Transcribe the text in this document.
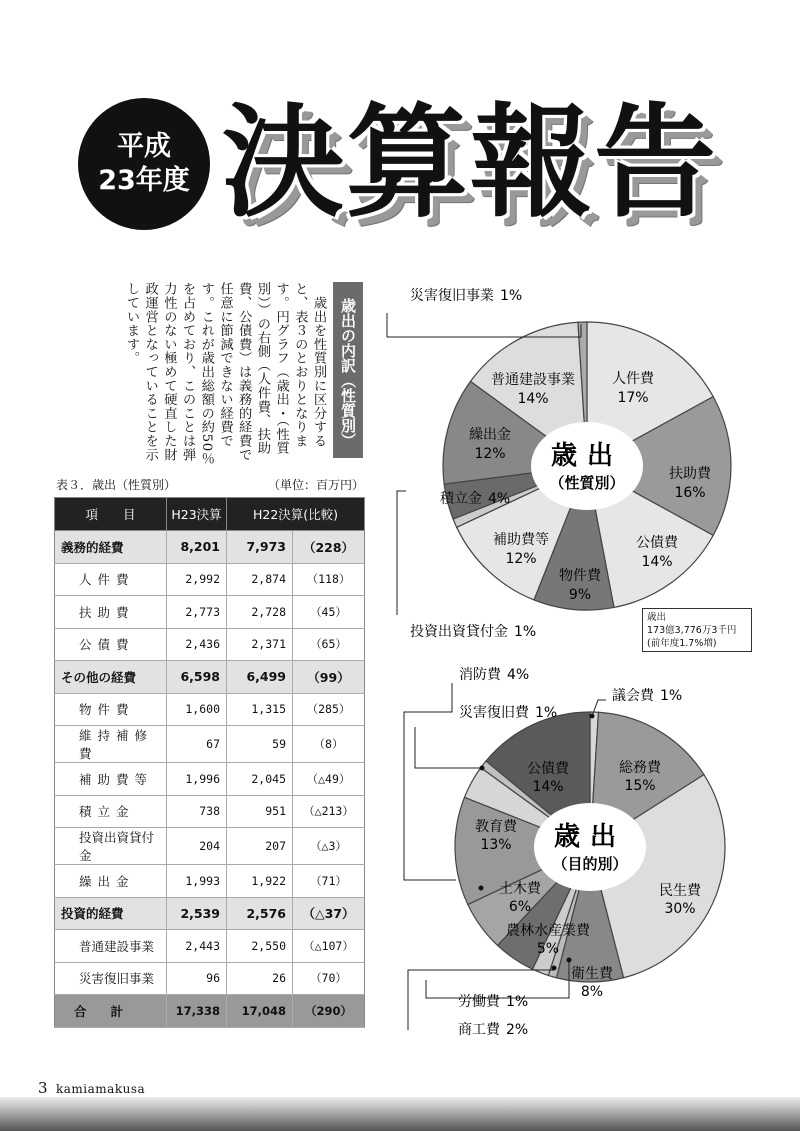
平成
23年度 決算報告
歳出の内訳（性質別）
　歳出を性質別に区分すると、表３のとおりとなります。円グラフ（歳出・（性質別））の右側（人件費、扶助費、公債費）は義務的経費で任意に節減できない経費です。これが歳出総額の約50％を占めており、このことは弾力性のない極めて硬直した財政運営となっていることを示しています。
表３．歳出（性質別）	（単位：百万円）
項　　目	H23決算	H22決算(比較)	
義務的経費	8,201	7,973	（228）
人件費	2,992	2,874	（118）
扶助費	2,773	2,728	（45）
公債費	2,436	2,371	（65）
その他の経費	6,598	6,499	（99）
物件費	1,600	1,315	（285）
維持補修費	67	59	（8）
補助費等	1,996	2,045	（△49）
積立金	738	951	（△213）
投資出資貸付金	204	207	（△3）
繰出金	1,993	1,922	（71）
投資的経費	2,539	2,576	（△37）
普通建設事業	2,443	2,550	（△107）
災害復旧事業	96	26	（70）
合計	17,338	17,048	（290）
歳出
（性質別）
人件費
17%
扶助費
16%
公債費
14%
物件費
9%
補助費等
12%
投資出資貸付金 1%
積立金 4%
繰出金
12%
普通建設事業
14%
災害復旧事業 1%
歳出
（目的別）
議会費 1%
総務費
15%
民生費
30%
衛生費
8%
労働費 1%
商工費 2%
農林水産業費
5%
土木費
6%
教育費
13%
消防費 4%
災害復旧費 1%
公債費
14%
歳出
173億3,776万3千円
(前年度1.7%増)
3 kamiamakusa
